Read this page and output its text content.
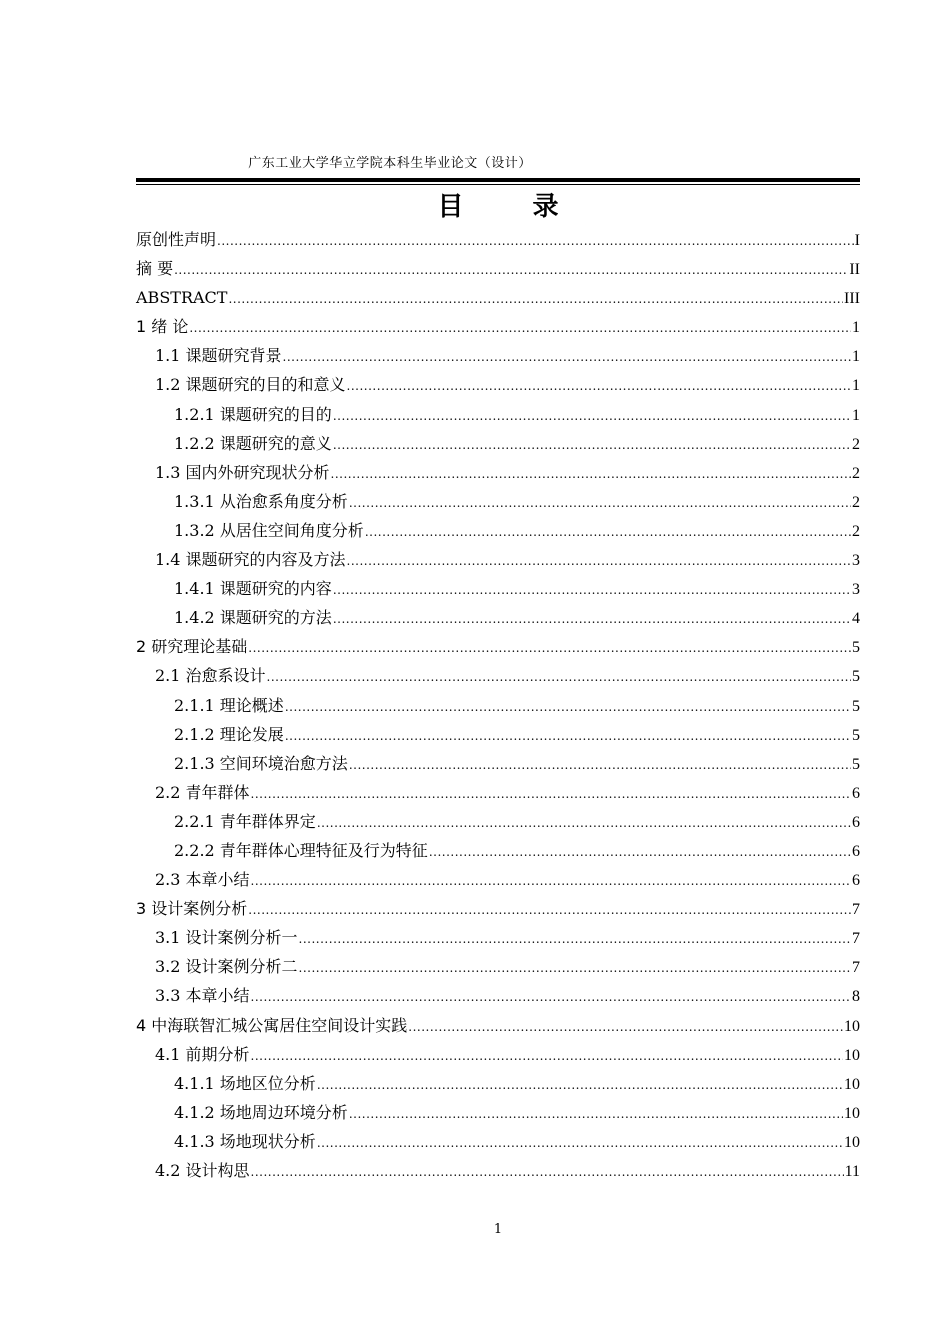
广东工业大学华立学院本科生毕业论文（设计）
目 录
原创性声明 .....	I
摘 要 .....	II
ABSTRACT .....	III
1 绪 论 .....	1
1.1 课题研究背景 .....	1
1.2 课题研究的目的和意义 .....	1
1.2.1 课题研究的目的 .....	1
1.2.2 课题研究的意义 .....	2
1.3 国内外研究现状分析 .....	2
1.3.1 从治愈系角度分析 .....	2
1.3.2 从居住空间角度分析 .....	2
1.4 课题研究的内容及方法 .....	3
1.4.1 课题研究的内容 .....	3
1.4.2 课题研究的方法 .....	4
2 研究理论基础 .....	5
2.1 治愈系设计 .....	5
2.1.1 理论概述 .....	5
2.1.2 理论发展 .....	5
2.1.3 空间环境治愈方法 .....	5
2.2 青年群体 .....	6
2.2.1 青年群体界定 .....	6
2.2.2 青年群体心理特征及行为特征 .....	6
2.3 本章小结 .....	6
3 设计案例分析 .....	7
3.1 设计案例分析一 .....	7
3.2 设计案例分析二 .....	7
3.3 本章小结 .....	8
4 中海联智汇城公寓居住空间设计实践 .....	10
4.1 前期分析 .....	10
4.1.1 场地区位分析 .....	10
4.1.2 场地周边环境分析 .....	10
4.1.3 场地现状分析 .....	10
4.2 设计构思 .....	11
1
